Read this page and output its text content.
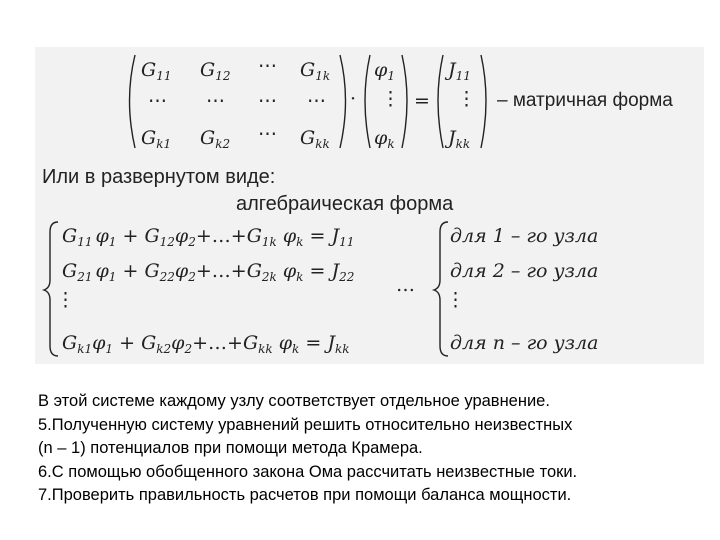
$G_{11}$ $G_{12}$ ⋯ $G_{1k}$
⋯ ⋯ ⋯ ⋯
$G_{k1}$ $G_{k2}$ ⋯ $G_{kk}$
·
$\varphi_1$
⋮
$\varphi_k$
=
$J_{11}$
⋮
$J_{kk}$
– матричная форма
Или в развернутом виде:
алгебраическая форма
$G_{11}$ $\varphi_1$ + $G_{12}\varphi_2+\dots+G_{1k}$ $\varphi_k = J_{11}$
$G_{21}$ $\varphi_1$ + $G_{22}\varphi_2+\dots+G_{2k}$ $\varphi_k = J_{22}$
⋮
…
$G_{k1}\varphi_1$ + $G_{k2}\varphi_2+\dots+G_{kk}$ $\varphi_k = J_{kk}$
для 1 – го узла
для 2 – го узла
⋮
для n – го узла
В этой системе каждому узлу соответствует отдельное уравнение.
5.Полученную систему уравнений решить относительно неизвестных
(n – 1) потенциалов при помощи метода Крамера.
6.С помощью обобщенного закона Ома рассчитать неизвестные токи.
7.Проверить правильность расчетов при помощи баланса мощности.
